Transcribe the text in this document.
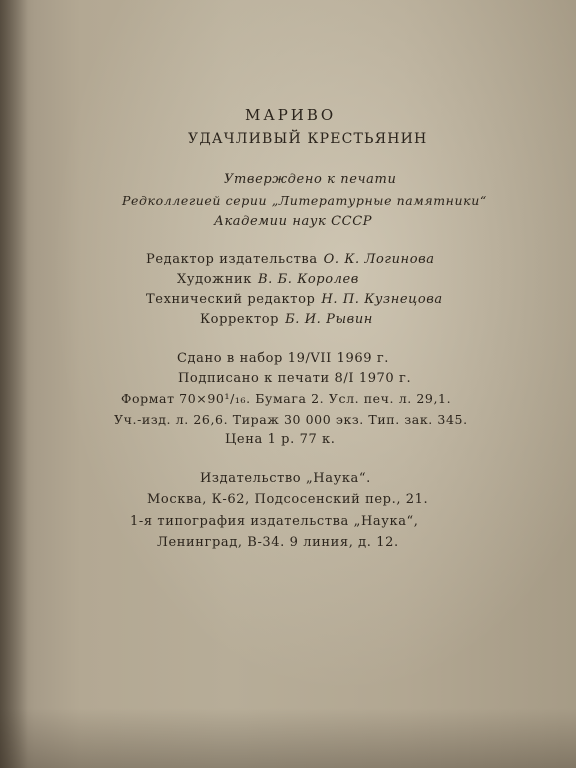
МАРИВО
УДАЧЛИВЫЙ КРЕСТЬЯНИН
Утверждено к печати
Редколлегией серии „Литературные памятники“
Академии наук СССР
Редактор издательства О. К. Логинова
Художник В. Б. Королев
Технический редактор Н. П. Кузнецова
Корректор Б. И. Рывин
Сдано в набор 19/VII 1969 г.
Подписано к печати 8/I 1970 г.
Формат 70×90¹/₁₆. Бумага 2. Усл. печ. л. 29,1.
Уч.-изд. л. 26,6. Тираж 30 000 экз. Тип. зак. 345.
Цена 1 р. 77 к.
Издательство „Наука“.
Москва, К-62, Подсосенский пер., 21.
1-я типография издательства „Наука“,
Ленинград, В-34. 9 линия, д. 12.
